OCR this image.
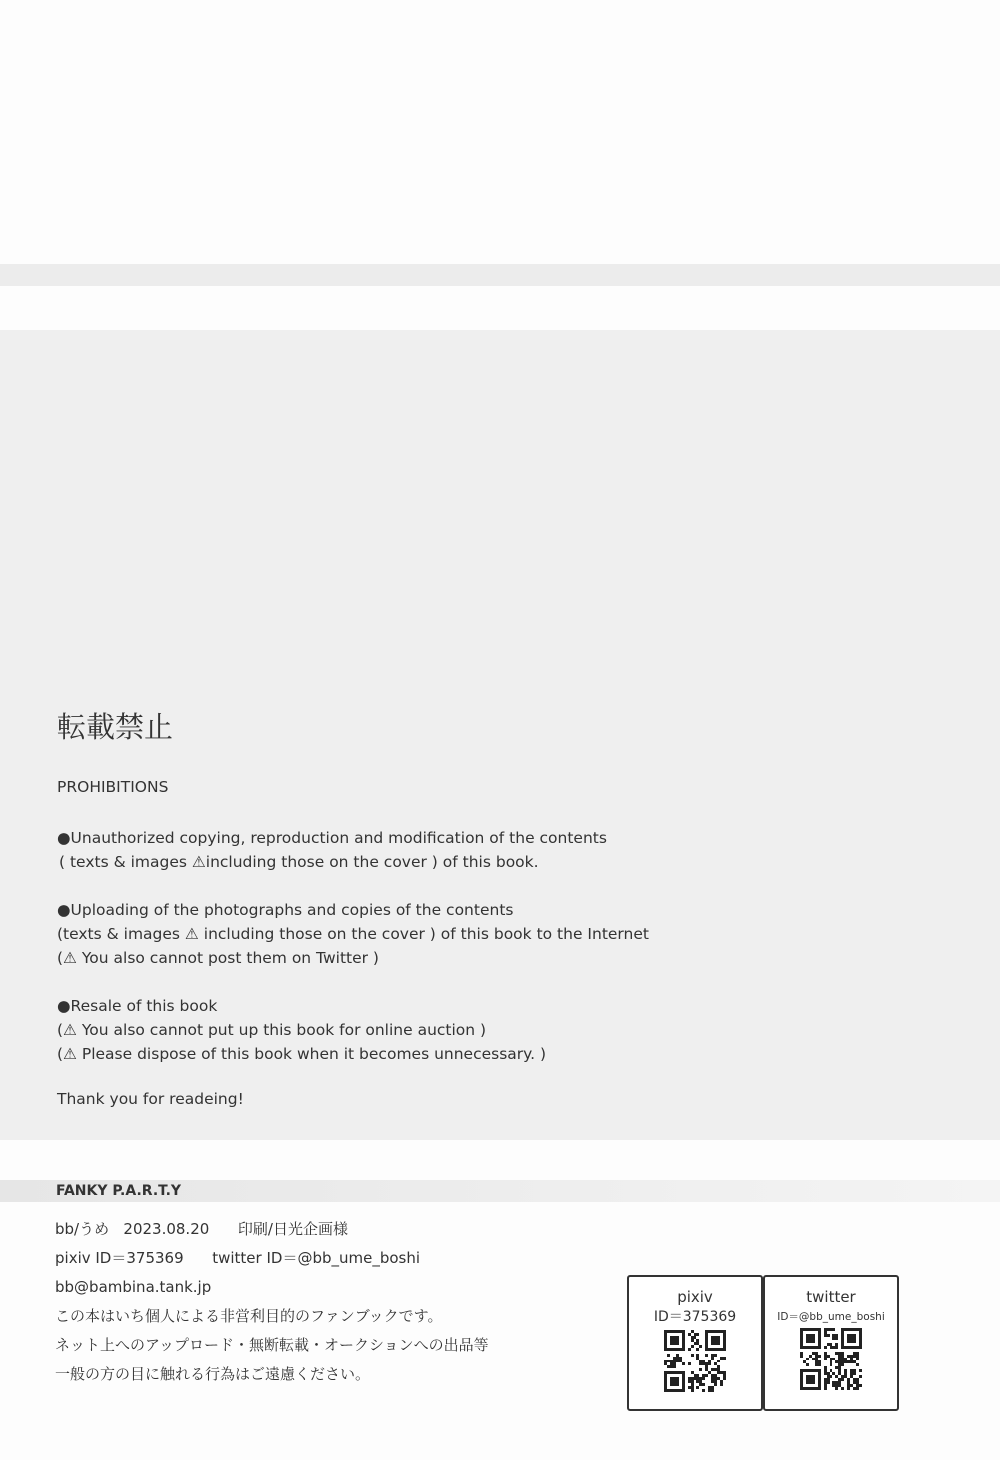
転載禁止
PROHIBITIONS

●Unauthorized copying, reproduction and modification of the contents
( texts & images ⚠including those on the cover ) of this book.

●Uploading of the photographs and copies of the contents
(texts & images ⚠ including those on the cover ) of this book to the Internet
(⚠ You also cannot post them on Twitter )

●Resale of this book
(⚠ You also cannot put up this book for online auction )
(⚠ Please dispose of this book when it becomes unnecessary. )

Thank you for readeing!
FANKY P.A.R.T.Y
bb/うめ   2023.08.20      印刷/日光企画様
pixiv ID＝375369      twitter ID＝@bb_ume_boshi
bb@bambina.tank.jp
この本はいち個人による非営利目的のファンブックです。
ネット上へのアップロード・無断転載・オークションへの出品等
一般の方の目に触れる行為はご遠慮ください。
pixiv
ID＝375369
twitter
ID＝@bb_ume_boshi
